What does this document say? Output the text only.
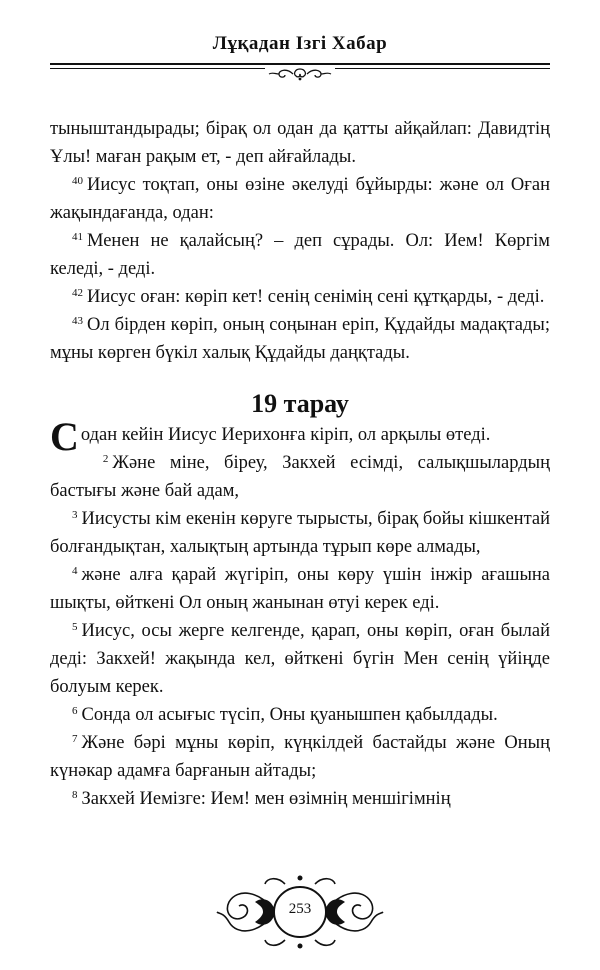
Лұқадан Ізгі Хабар

тыныштандырады; бірақ ол одан да қатты айқайлап: Давидтің Ұлы! маған рақым ет, - деп айғайлады.

$^{40}$ Иисус тоқтап, оны өзіне әкелуді бұйырды: және ол Оған жақындағанда, одан:

$^{41}$ Менен не қалайсың? – деп сұрады. Ол: Ием! Көргім келеді, - деді.

$^{42}$ Иисус оған: көріп кет! сенің сенімің сені құтқарды, - деді.

$^{43}$ Ол бірден көріп, оның соңынан еріп, Құдайды мадақтады; мұны көрген бүкіл халық Құдайды даңқтады.

19 тарау

Содан кейін Иисус Иерихонға кіріп, ол арқылы өтеді.

$^2$ Және міне, біреу, Закхей есімді, салықшылардың бастығы және бай адам,

$^3$ Иисусты кім екенін көруге тырысты, бірақ бойы кішкентай болғандықтан, халықтың артында тұрып көре алмады,

$^4$ және алға қарай жүгіріп, оны көру үшін інжір ағашына шықты, өйткені Ол оның жанынан өтуі керек еді.

$^5$ Иисус, осы жерге келгенде, қарап, оны көріп, оған былай деді: Закхей! жақында кел, өйткені бүгін Мен сенің үйіңде болуым керек.

$^6$ Сонда ол асығыс түсіп, Оны қуанышпен қабылдады.

$^7$ Және бәрі мұны көріп, күңкілдей бастайды және Оның күнәкар адамға барғанын айтады;

$^8$ Закхей Иемізге: Ием! мен өзімнің меншігімнің

253
